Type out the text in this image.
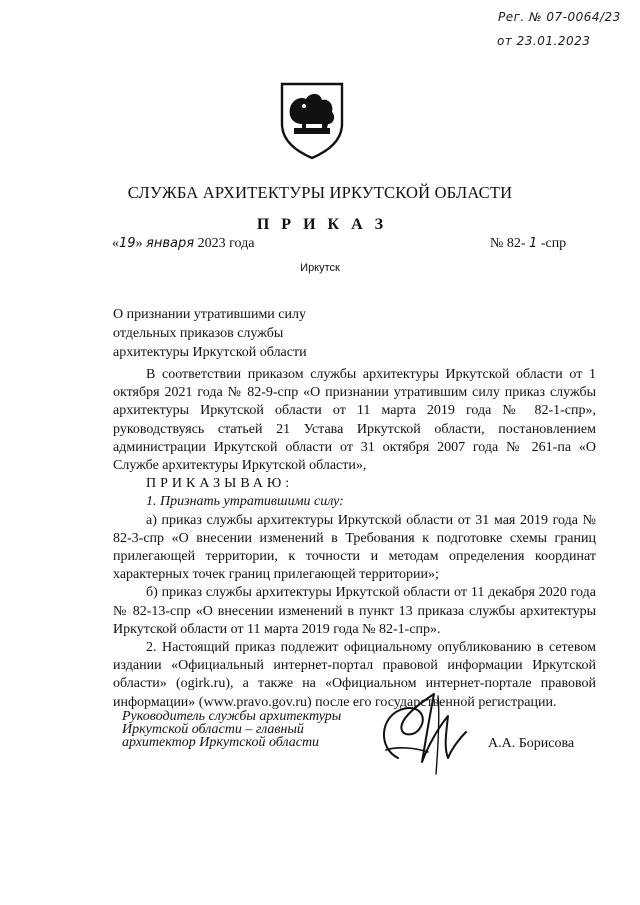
Рег. № 07-0064/23
от 23.01.2023
СЛУЖБА АРХИТЕКТУРЫ ИРКУТСКОЙ ОБЛАСТИ
П Р И К А З
«19» января 2023 года	№ 82- 1 -спр
Иркутск
О признании утратившими силу
отдельных приказов службы
архитектуры Иркутской области

В соответствии приказом службы архитектуры Иркутской области от 1 октября 2021 года № 82-9-спр «О признании утратившим силу приказ службы архитектуры Иркутской области от 11 марта 2019 года № 82-1-спр», руководствуясь статьей 21 Устава Иркутской области, постановлением администрации Иркутской области от 31 октября 2007 года № 261-па «О Службе архитектуры Иркутской области»,

ПРИКАЗЫВАЮ:

1. Признать утратившими силу:

а) приказ службы архитектуры Иркутской области от 31 мая 2019 года № 82-3-спр «О внесении изменений в Требования к подготовке схемы границ прилегающей территории, к точности и методам определения координат характерных точек границ прилегающей территории»;

б) приказ службы архитектуры Иркутской области от 11 декабря 2020 года № 82-13-спр «О внесении изменений в пункт 13 приказа службы архитектуры Иркутской области от 11 марта 2019 года № 82-1-спр».

2. Настоящий приказ подлежит официальному опубликованию в сетевом издании «Официальный интернет-портал правовой информации Иркутской области» (ogirk.ru), а также на «Официальном интернет-портале правовой информации» (www.pravo.gov.ru) после его государственной регистрации.

Руководитель службы архитектуры
Иркутской области – главный
архитектор Иркутской области	А.А. Борисова
